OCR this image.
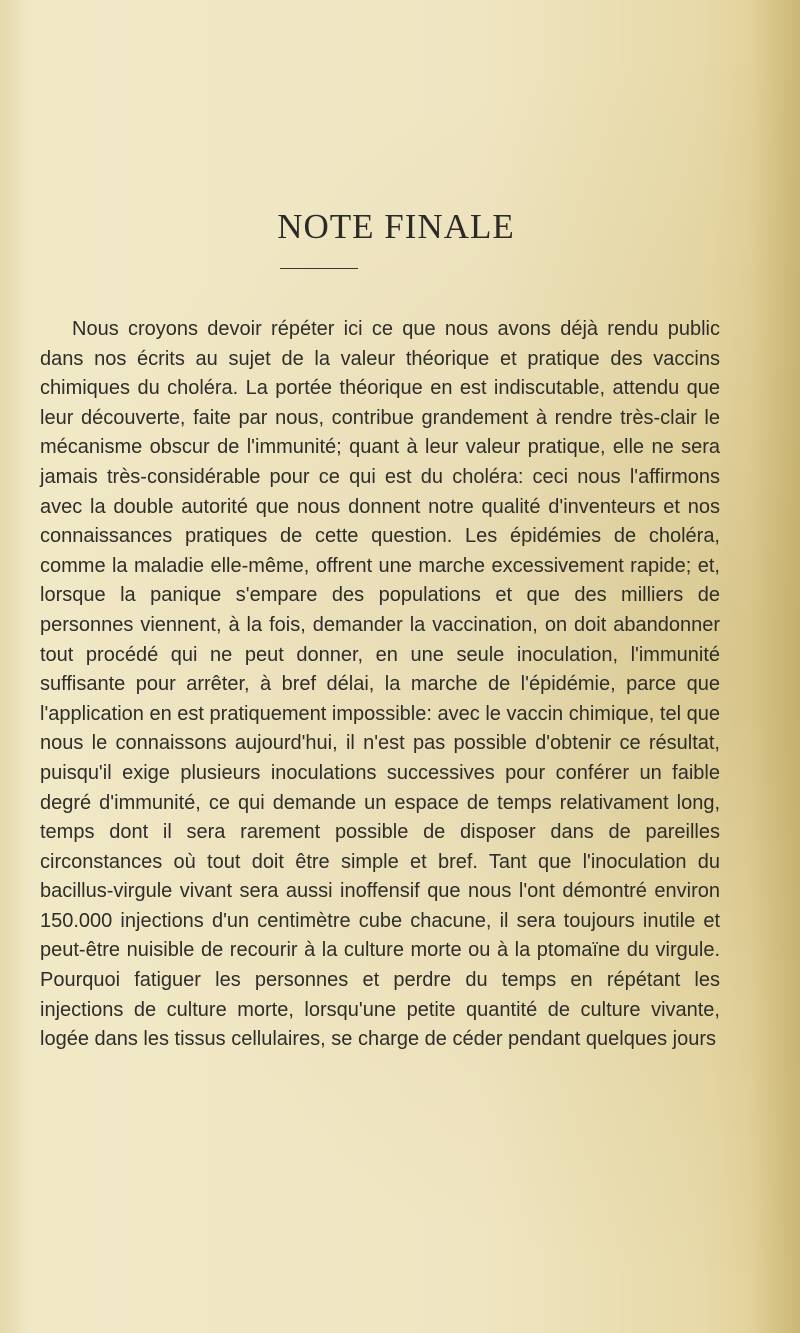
NOTE FINALE

Nous croyons devoir répéter ici ce que nous avons déjà rendu public dans nos écrits au sujet de la valeur théorique et pratique des vaccins chimiques du choléra. La portée théorique en est indiscutable, attendu que leur découverte, faite par nous, contribue grandement à rendre très-clair le mécanisme obscur de l'immunité; quant à leur valeur pratique, elle ne sera jamais très-considérable pour ce qui est du choléra: ceci nous l'affirmons avec la double autorité que nous donnent notre qualité d'inventeurs et nos connaissances pratiques de cette question. Les épidémies de choléra, comme la maladie elle-même, offrent une marche excessivement rapide; et, lorsque la panique s'empare des populations et que des milliers de personnes viennent, à la fois, demander la vaccination, on doit abandonner tout procédé qui ne peut donner, en une seule inoculation, l'immunité suffisante pour arrêter, à bref délai, la marche de l'épidémie, parce que l'application en est pratiquement impossible: avec le vaccin chimique, tel que nous le connaissons aujourd'hui, il n'est pas possible d'obtenir ce résultat, puisqu'il exige plusieurs inoculations successives pour conférer un faible degré d'immunité, ce qui demande un espace de temps relativament long, temps dont il sera rarement possible de disposer dans de pareilles circonstances où tout doit être simple et bref. Tant que l'inoculation du bacillus-virgule vivant sera aussi inoffensif que nous l'ont démontré environ 150.000 injections d'un centimètre cube chacune, il sera toujours inutile et peut-être nuisible de recourir à la culture morte ou à la ptomaïne du virgule. Pourquoi fatiguer les personnes et perdre du temps en répétant les injections de culture morte, lorsqu'une petite quantité de culture vivante, logée dans les tissus cellulaires, se charge de céder pendant quelques jours
